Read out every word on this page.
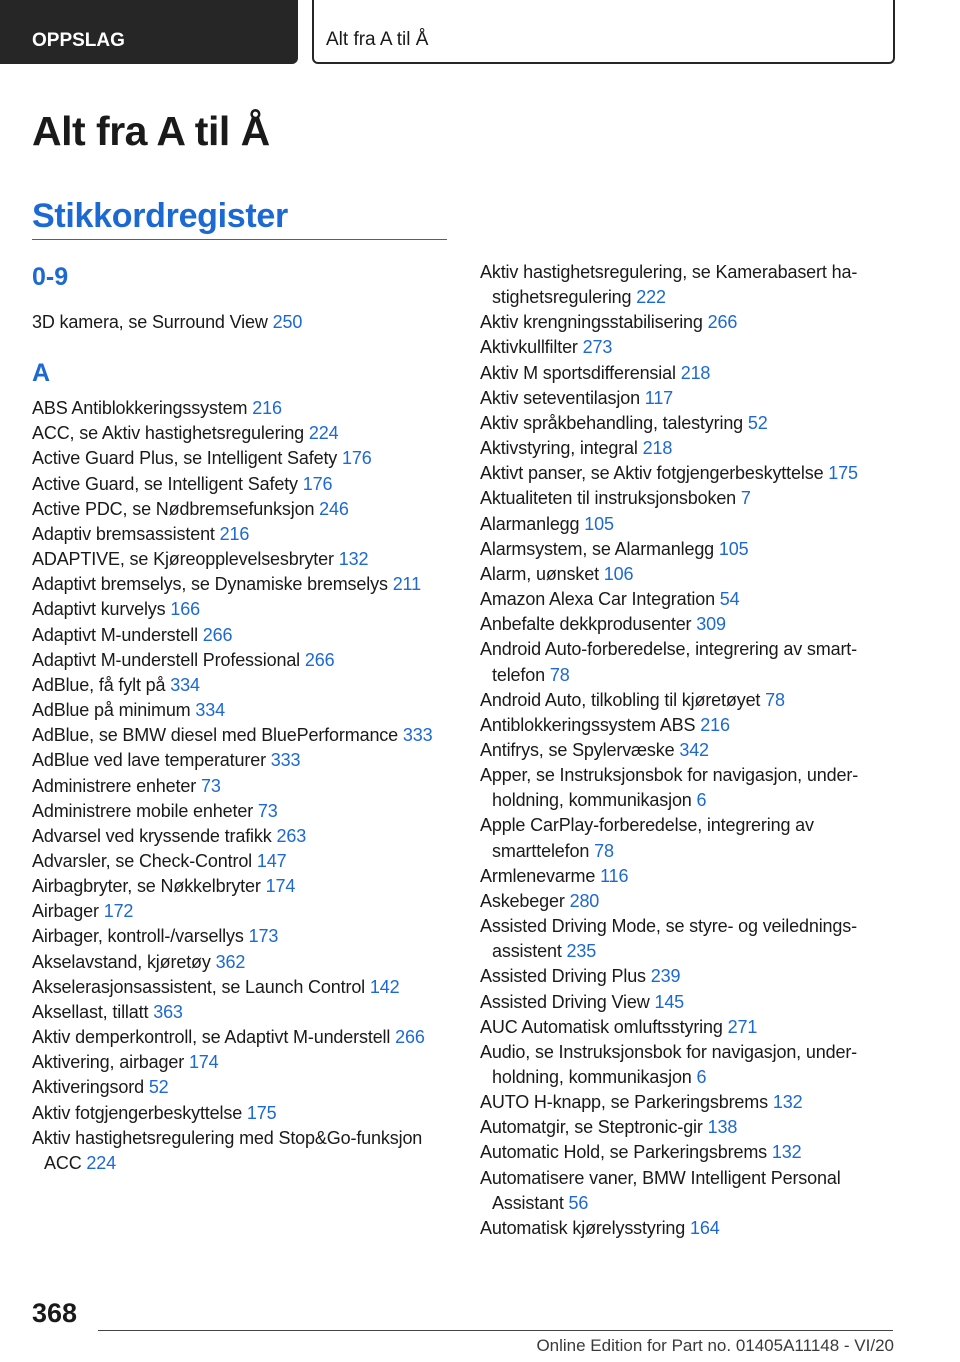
OPPSLAG	Alt fra A til Å
Alt fra A til Å
Stikkordregister
0-9
3D kamera, se Surround View 250
A
ABS Antiblokkeringssystem 216
ACC, se Aktiv hastighetsregulering 224
Active Guard Plus, se Intelligent Safety 176
Active Guard, se Intelligent Safety 176
Active PDC, se Nødbremsefunksjon 246
Adaptiv bremsassistent 216
ADAPTIVE, se Kjøreopplevelsesbryter 132
Adaptivt bremselys, se Dynamiske bremselys 211
Adaptivt kurvelys 166
Adaptivt M-understell 266
Adaptivt M-understell Professional 266
AdBlue, få fylt på 334
AdBlue på minimum 334
AdBlue, se BMW diesel med BluePerformance 333
AdBlue ved lave temperaturer 333
Administrere enheter 73
Administrere mobile enheter 73
Advarsel ved kryssende trafikk 263
Advarsler, se Check-Control 147
Airbagbryter, se Nøkkelbryter 174
Airbager 172
Airbager, kontroll-/varsellys 173
Akselavstand, kjøretøy 362
Akselerasjonsassistent, se Launch Control 142
Aksellast, tillatt 363
Aktiv demperkontroll, se Adaptivt M-understell 266
Aktivering, airbager 174
Aktiveringsord 52
Aktiv fotgjengerbeskyttelse 175
Aktiv hastighetsregulering med Stop&Go-funksjon ACC 224
Aktiv hastighetsregulering, se Kamerabasert hastighetsregulering 222
Aktiv krengningsstabilisering 266
Aktivkullfilter 273
Aktiv M sportsdifferensial 218
Aktiv seteventilasjon 117
Aktiv språkbehandling, talestyring 52
Aktivstyring, integral 218
Aktivt panser, se Aktiv fotgjengerbeskyttelse 175
Aktualiteten til instruksjonsboken 7
Alarmanlegg 105
Alarmsystem, se Alarmanlegg 105
Alarm, uønsket 106
Amazon Alexa Car Integration 54
Anbefalte dekkprodusenter 309
Android Auto-forberedelse, integrering av smarttelefon 78
Android Auto, tilkobling til kjøretøyet 78
Antiblokkeringssystem ABS 216
Antifrys, se Spylervæske 342
Apper, se Instruksjonsbok for navigasjon, underholdning, kommunikasjon 6
Apple CarPlay-forberedelse, integrering av smarttelefon 78
Armlenevarme 116
Askebeger 280
Assisted Driving Mode, se styre- og veiledningsassistent 235
Assisted Driving Plus 239
Assisted Driving View 145
AUC Automatisk omluftsstyring 271
Audio, se Instruksjonsbok for navigasjon, underholdning, kommunikasjon 6
AUTO H-knapp, se Parkeringsbrems 132
Automatgir, se Steptronic-gir 138
Automatic Hold, se Parkeringsbrems 132
Automatisere vaner, BMW Intelligent Personal Assistant 56
Automatisk kjørelysstyring 164
368
Online Edition for Part no. 01405A11148 - VI/20
